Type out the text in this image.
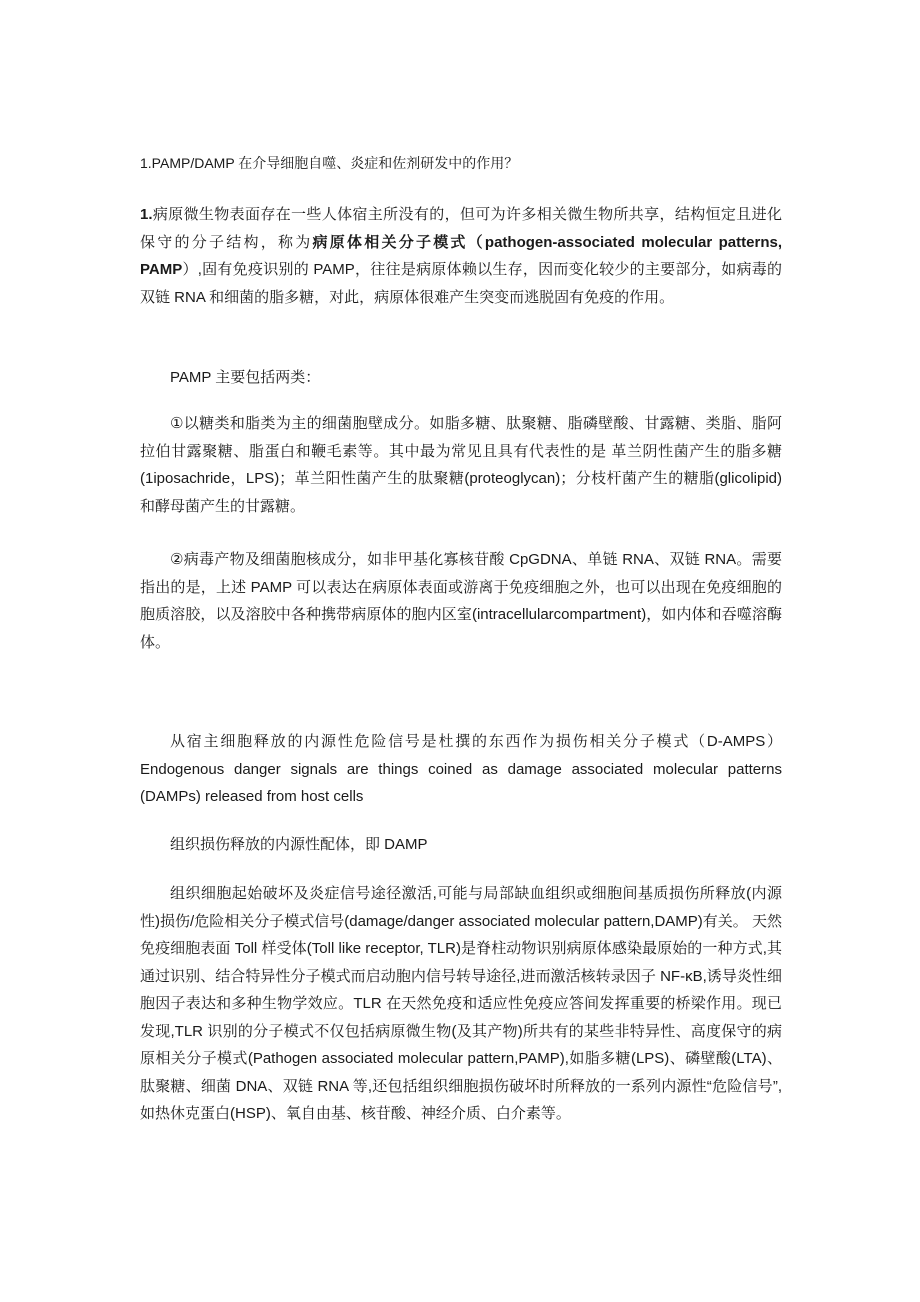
1.PAMP/DAMP 在介导细胞自噬、炎症和佐剂研发中的作用？

1.病原微生物表面存在一些人体宿主所没有的，但可为许多相关微生物所共享，结构恒定且进化保守的分子结构，称为病原体相关分子模式（pathogen-associated molecular patterns, PAMP）,固有免疫识别的 PAMP，往往是病原体赖以生存，因而变化较少的主要部分，如病毒的双链 RNA 和细菌的脂多糖，对此，病原体很难产生突变而逃脱固有免疫的作用。

PAMP 主要包括两类：

①以糖类和脂类为主的细菌胞壁成分。如脂多糖、肽聚糖、脂磷壁酸、甘露糖、类脂、脂阿拉伯甘露聚糖、脂蛋白和鞭毛素等。其中最为常见且具有代表性的是 革兰阴性菌产生的脂多糖(1iposachride，LPS)；革兰阳性菌产生的肽聚糖(proteoglycan)；分枝杆菌产生的糖脂(glicolipid)和酵母菌产生的甘露糖。

②病毒产物及细菌胞核成分，如非甲基化寡核苷酸 CpGDNA、单链 RNA、双链 RNA。需要指出的是，上述 PAMP 可以表达在病原体表面或游离于免疫细胞之外，也可以出现在免疫细胞的胞质溶胶，以及溶胶中各种携带病原体的胞内区室(intracellularcompartment)，如内体和吞噬溶酶体。

从宿主细胞释放的内源性危险信号是杜撰的东西作为损伤相关分子模式（D-AMPS）Endogenous danger signals are things coined as damage associated molecular patterns (DAMPs) released from host cells

组织损伤释放的内源性配体，即 DAMP

组织细胞起始破坏及炎症信号途径激活,可能与局部缺血组织或细胞间基质损伤所释放(内源性)损伤/危险相关分子模式信号(damage/danger associated molecular pattern,DAMP)有关。 天然免疫细胞表面 Toll 样受体(Toll like receptor, TLR)是脊柱动物识别病原体感染最原始的一种方式,其通过识别、结合特异性分子模式而启动胞内信号转导途径,进而激活核转录因子 NF-κB,诱导炎性细胞因子表达和多种生物学效应。TLR 在天然免疫和适应性免疫应答间发挥重要的桥梁作用。现已发现,TLR 识别的分子模式不仅包括病原微生物(及其产物)所共有的某些非特异性、高度保守的病原相关分子模式(Pathogen associated molecular pattern,PAMP),如脂多糖(LPS)、磷壁酸(LTA)、肽聚糖、细菌 DNA、双链 RNA 等,还包括组织细胞损伤破坏时所释放的一系列内源性“危险信号”,如热休克蛋白(HSP)、氧自由基、核苷酸、神经介质、白介素等。
